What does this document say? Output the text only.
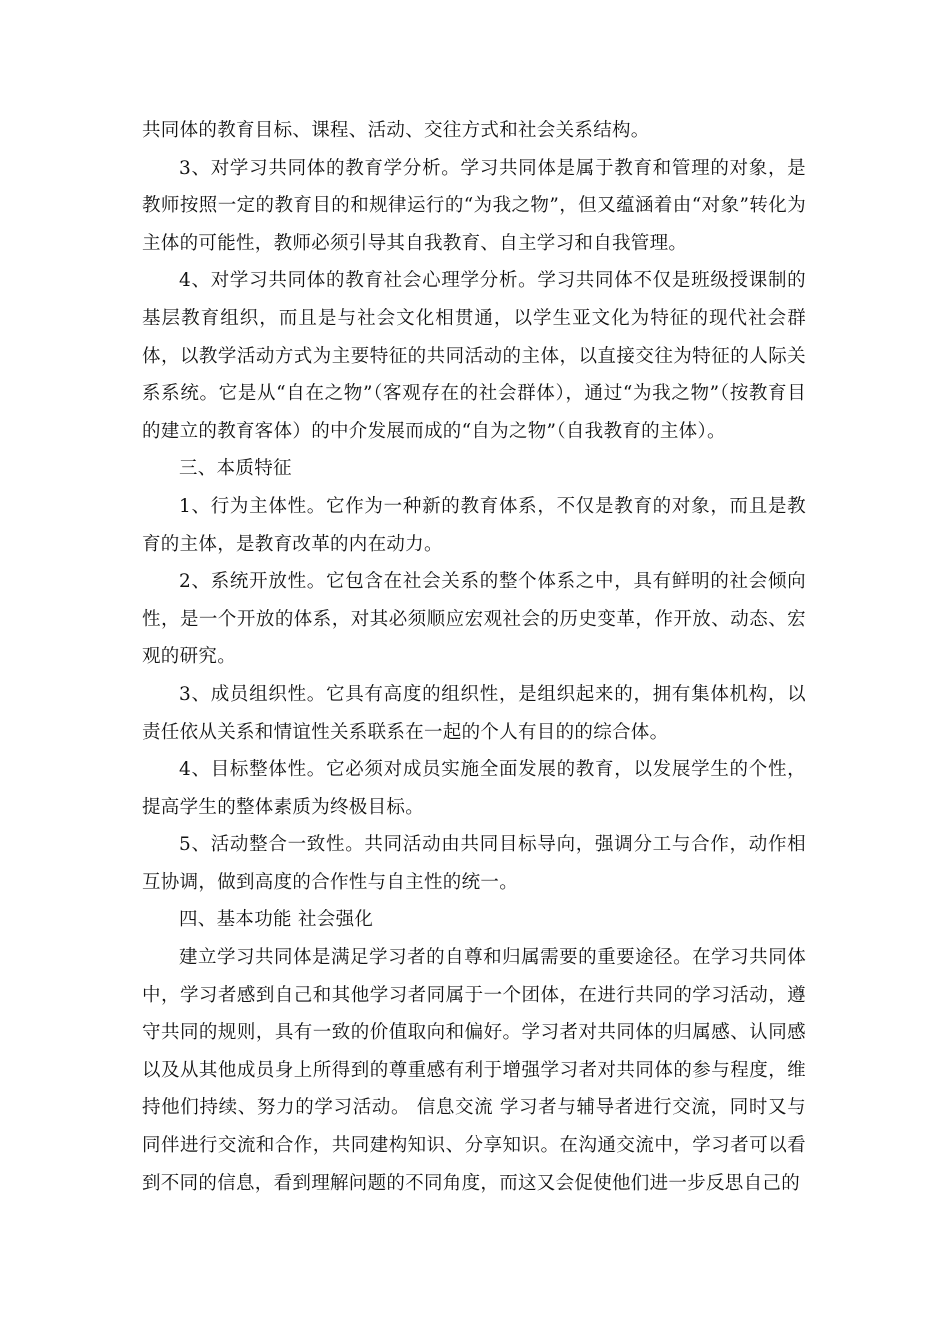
共同体的教育目标、课程、活动、交往方式和社会关系结构。

3、对学习共同体的教育学分析。学习共同体是属于教育和管理的对象，是教师按照一定的教育目的和规律运行的“为我之物”，但又蕴涵着由“对象”转化为主体的可能性，教师必须引导其自我教育、自主学习和自我管理。

4、对学习共同体的教育社会心理学分析。学习共同体不仅是班级授课制的基层教育组织，而且是与社会文化相贯通，以学生亚文化为特征的现代社会群体，以教学活动方式为主要特征的共同活动的主体，以直接交往为特征的人际关系系统。它是从“自在之物”（客观存在的社会群体），通过“为我之物”（按教育目的建立的教育客体）的中介发展而成的“自为之物”（自我教育的主体）。

三、本质特征

1、行为主体性。它作为一种新的教育体系，不仅是教育的对象，而且是教育的主体，是教育改革的内在动力。

2、系统开放性。它包含在社会关系的整个体系之中，具有鲜明的社会倾向性，是一个开放的体系，对其必须顺应宏观社会的历史变革，作开放、动态、宏观的研究。

3、成员组织性。它具有高度的组织性，是组织起来的，拥有集体机构，以责任依从关系和情谊性关系联系在一起的个人有目的的综合体。

4、目标整体性。它必须对成员实施全面发展的教育，以发展学生的个性，提高学生的整体素质为终极目标。

5、活动整合一致性。共同活动由共同目标导向，强调分工与合作，动作相互协调，做到高度的合作性与自主性的统一。

四、基本功能 社会强化

建立学习共同体是满足学习者的自尊和归属需要的重要途径。在学习共同体中，学习者感到自己和其他学习者同属于一个团体，在进行共同的学习活动，遵守共同的规则，具有一致的价值取向和偏好。学习者对共同体的归属感、认同感以及从其他成员身上所得到的尊重感有利于增强学习者对共同体的参与程度，维持他们持续、努力的学习活动。 信息交流 学习者与辅导者进行交流，同时又与同伴进行交流和合作，共同建构知识、分享知识。在沟通交流中，学习者可以看到不同的信息，看到理解问题的不同角度，而这又会促使他们进一步反思自己的
